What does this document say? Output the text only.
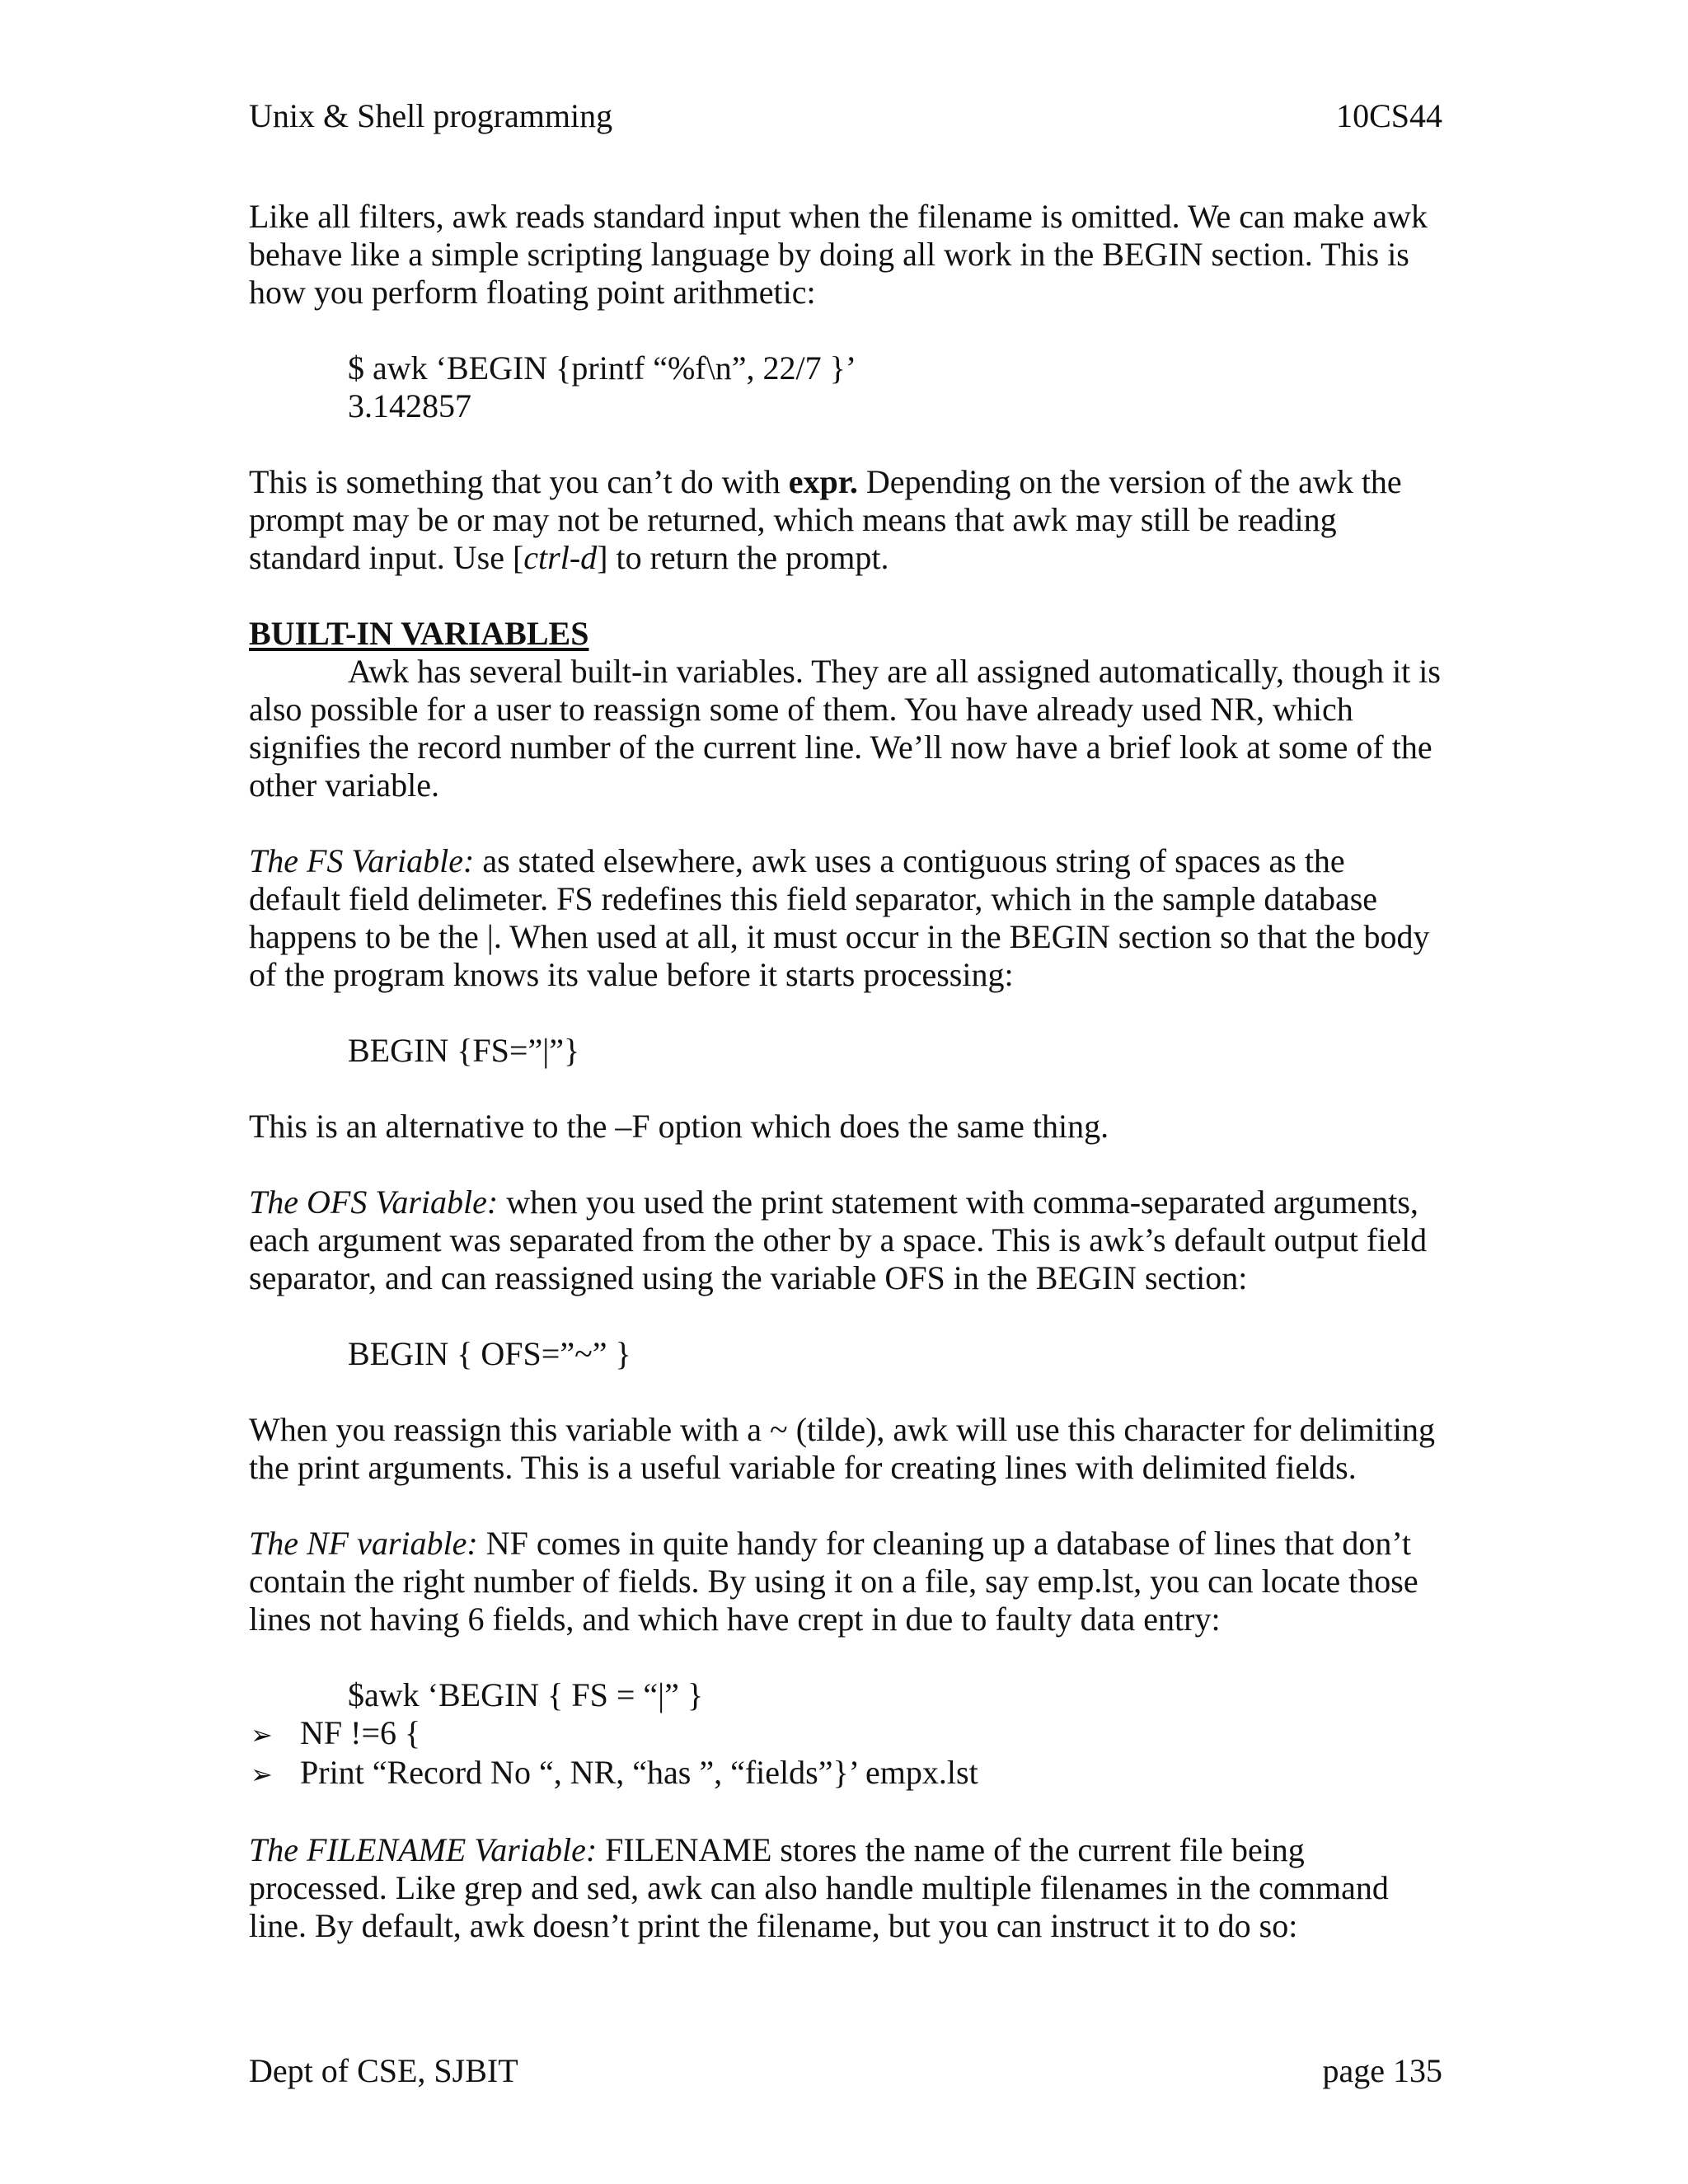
Unix & Shell programming	10CS44

Like all filters, awk reads standard input when the filename is omitted. We can make awk behave like a simple scripting language by doing all work in the BEGIN section. This is how you perform floating point arithmetic:

$ awk ‘BEGIN {printf “%f\n”, 22/7 }’
3.142857

This is something that you can’t do with expr. Depending on the version of the awk the prompt may be or may not be returned, which means that awk may still be reading standard input. Use [ctrl-d] to return the prompt.

BUILT-IN VARIABLES

Awk has several built-in variables. They are all assigned automatically, though it is also possible for a user to reassign some of them. You have already used NR, which signifies the record number of the current line. We’ll now have a brief look at some of the other variable.

The FS Variable: as stated elsewhere, awk uses a contiguous string of spaces as the default field delimeter. FS redefines this field separator, which in the sample database happens to be the |. When used at all, it must occur in the BEGIN section so that the body of the program knows its value before it starts processing:

BEGIN {FS=”|”}

This is an alternative to the –F option which does the same thing.

The OFS Variable: when you used the print statement with comma-separated arguments, each argument was separated from the other by a space. This is awk’s default output field separator, and can reassigned using the variable OFS in the BEGIN section:

BEGIN { OFS=”~” }

When you reassign this variable with a ~ (tilde), awk will use this character for delimiting the print arguments. This is a useful variable for creating lines with delimited fields.

The NF variable: NF comes in quite handy for cleaning up a database of lines that don’t contain the right number of fields. By using it on a file, say emp.lst, you can locate those lines not having 6 fields, and which have crept in due to faulty data entry:

$awk ‘BEGIN { FS = “|” }
➢ NF !=6 {
➢ Print “Record No “, NR, “has ”, “fields”}’ empx.lst

The FILENAME Variable: FILENAME stores the name of the current file being processed. Like grep and sed, awk can also handle multiple filenames in the command line. By default, awk doesn’t print the filename, but you can instruct it to do so:

Dept of CSE, SJBIT	page 135
